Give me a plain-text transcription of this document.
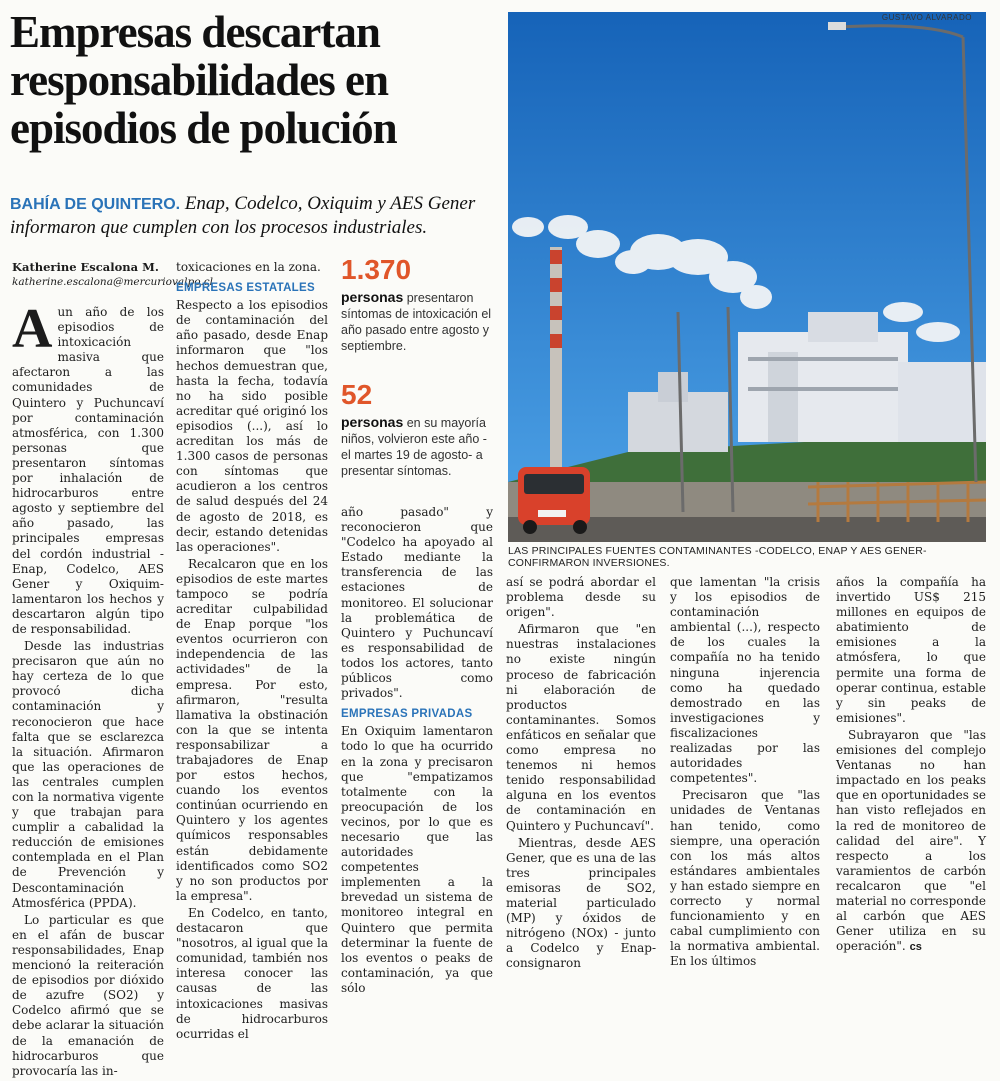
Empresas descartan responsabilidades en episodios de polución
BAHÍA DE QUINTERO. Enap, Codelco, Oxiquim y AES Gener informaron que cumplen con los procesos industriales.
GUSTAVO ALVARADO
LAS PRINCIPALES FUENTES CONTAMINANTES -CODELCO, ENAP Y AES GENER- CONFIRMARON INVERSIONES.
Katherine Escalona M.
katherine.escalona@mercuriovalpo.cl

Aun año de los episodios de intoxicación masiva que afectaron a las comunidades de Quintero y Puchuncaví por contaminación atmosférica, con 1.300 personas que presentaron síntomas por inhalación de hidrocarburos entre agosto y septiembre del año pasado, las principales empresas del cordón industrial -Enap, Codelco, AES Gener y Oxiquim- lamentaron los hechos y descartaron algún tipo de responsabilidad.

Desde las industrias precisaron que aún no hay certeza de lo que provocó dicha contaminación y reconocieron que hace falta que se esclarezca la situación. Afirmaron que las operaciones de las centrales cumplen con la normativa vigente y que trabajan para cumplir a cabalidad la reducción de emisiones contemplada en el Plan de Prevención y Descontaminación Atmosférica (PPDA).

Lo particular es que en el afán de buscar responsabilidades, Enap mencionó la reiteración de episodios por dióxido de azufre (SO2) y Codelco afirmó que se debe aclarar la situación de la emanación de hidrocarburos que provocaría las in-

toxicaciones en la zona.

EMPRESAS ESTATALES

Respecto a los episodios de contaminación del año pasado, desde Enap informaron que "los hechos demuestran que, hasta la fecha, todavía no ha sido posible acreditar qué originó los episodios (...), así lo acreditan los más de 1.300 casos de personas con síntomas que acudieron a los centros de salud después del 24 de agosto de 2018, es decir, estando detenidas las operaciones".

Recalcaron que en los episodios de este martes tampoco se podría acreditar culpabilidad de Enap porque "los eventos ocurrieron con independencia de las actividades" de la empresa. Por esto, afirmaron, "resulta llamativa la obstinación con la que se intenta responsabilizar a trabajadores de Enap por estos hechos, cuando los eventos continúan ocurriendo en Quintero y los agentes químicos responsables están debidamente identificados como SO2 y no son productos por la empresa".

En Codelco, en tanto, destacaron que "nosotros, al igual que la comunidad, también nos interesa conocer las causas de las intoxicaciones masivas de hidrocarburos ocurridas el

1.370
personas presentaron síntomas de intoxicación el año pasado entre agosto y septiembre.
52
personas en su mayoría niños, volvieron este año -el martes 19 de agosto- a presentar síntomas.

año pasado" y reconocieron que "Codelco ha apoyado al Estado mediante la transferencia de las estaciones de monitoreo. El solucionar la problemática de Quintero y Puchuncaví es responsabilidad de todos los actores, tanto públicos como privados".

EMPRESAS PRIVADAS

En Oxiquim lamentaron todo lo que ha ocurrido en la zona y precisaron que "empatizamos totalmente con la preocupación de los vecinos, por lo que es necesario que las autoridades competentes implementen a la brevedad un sistema de monitoreo integral en Quintero que permita determinar la fuente de los eventos o peaks de contaminación, ya que sólo

así se podrá abordar el problema desde su origen".

Afirmaron que "en nuestras instalaciones no existe ningún proceso de fabricación ni elaboración de productos contaminantes. Somos enfáticos en señalar que como empresa no tenemos ni hemos tenido responsabilidad alguna en los eventos de contaminación en Quintero y Puchuncaví".

Mientras, desde AES Gener, que es una de las tres principales emisoras de SO2, material particulado (MP) y óxidos de nitrógeno (NOx) - junto a Codelco y Enap- consignaron

que lamentan "la crisis y los episodios de contaminación ambiental (...), respecto de los cuales la compañía no ha tenido ninguna injerencia como ha quedado demostrado en las investigaciones y fiscalizaciones realizadas por las autoridades competentes".

Precisaron que "las unidades de Ventanas han tenido, como siempre, una operación con los más altos estándares ambientales y han estado siempre en correcto y normal funcionamiento y en cabal cumplimiento con la normativa ambiental. En los últimos

años la compañía ha invertido US$ 215 millones en equipos de abatimiento de emisiones a la atmósfera, lo que permite una forma de operar continua, estable y sin peaks de emisiones".

Subrayaron que "las emisiones del complejo Ventanas no han impactado en los peaks que en oportunidades se han visto reflejados en la red de monitoreo de calidad del aire". Y respecto a los varamientos de carbón recalcaron que "el material no corresponde al carbón que AES Gener utiliza en su operación". cs
